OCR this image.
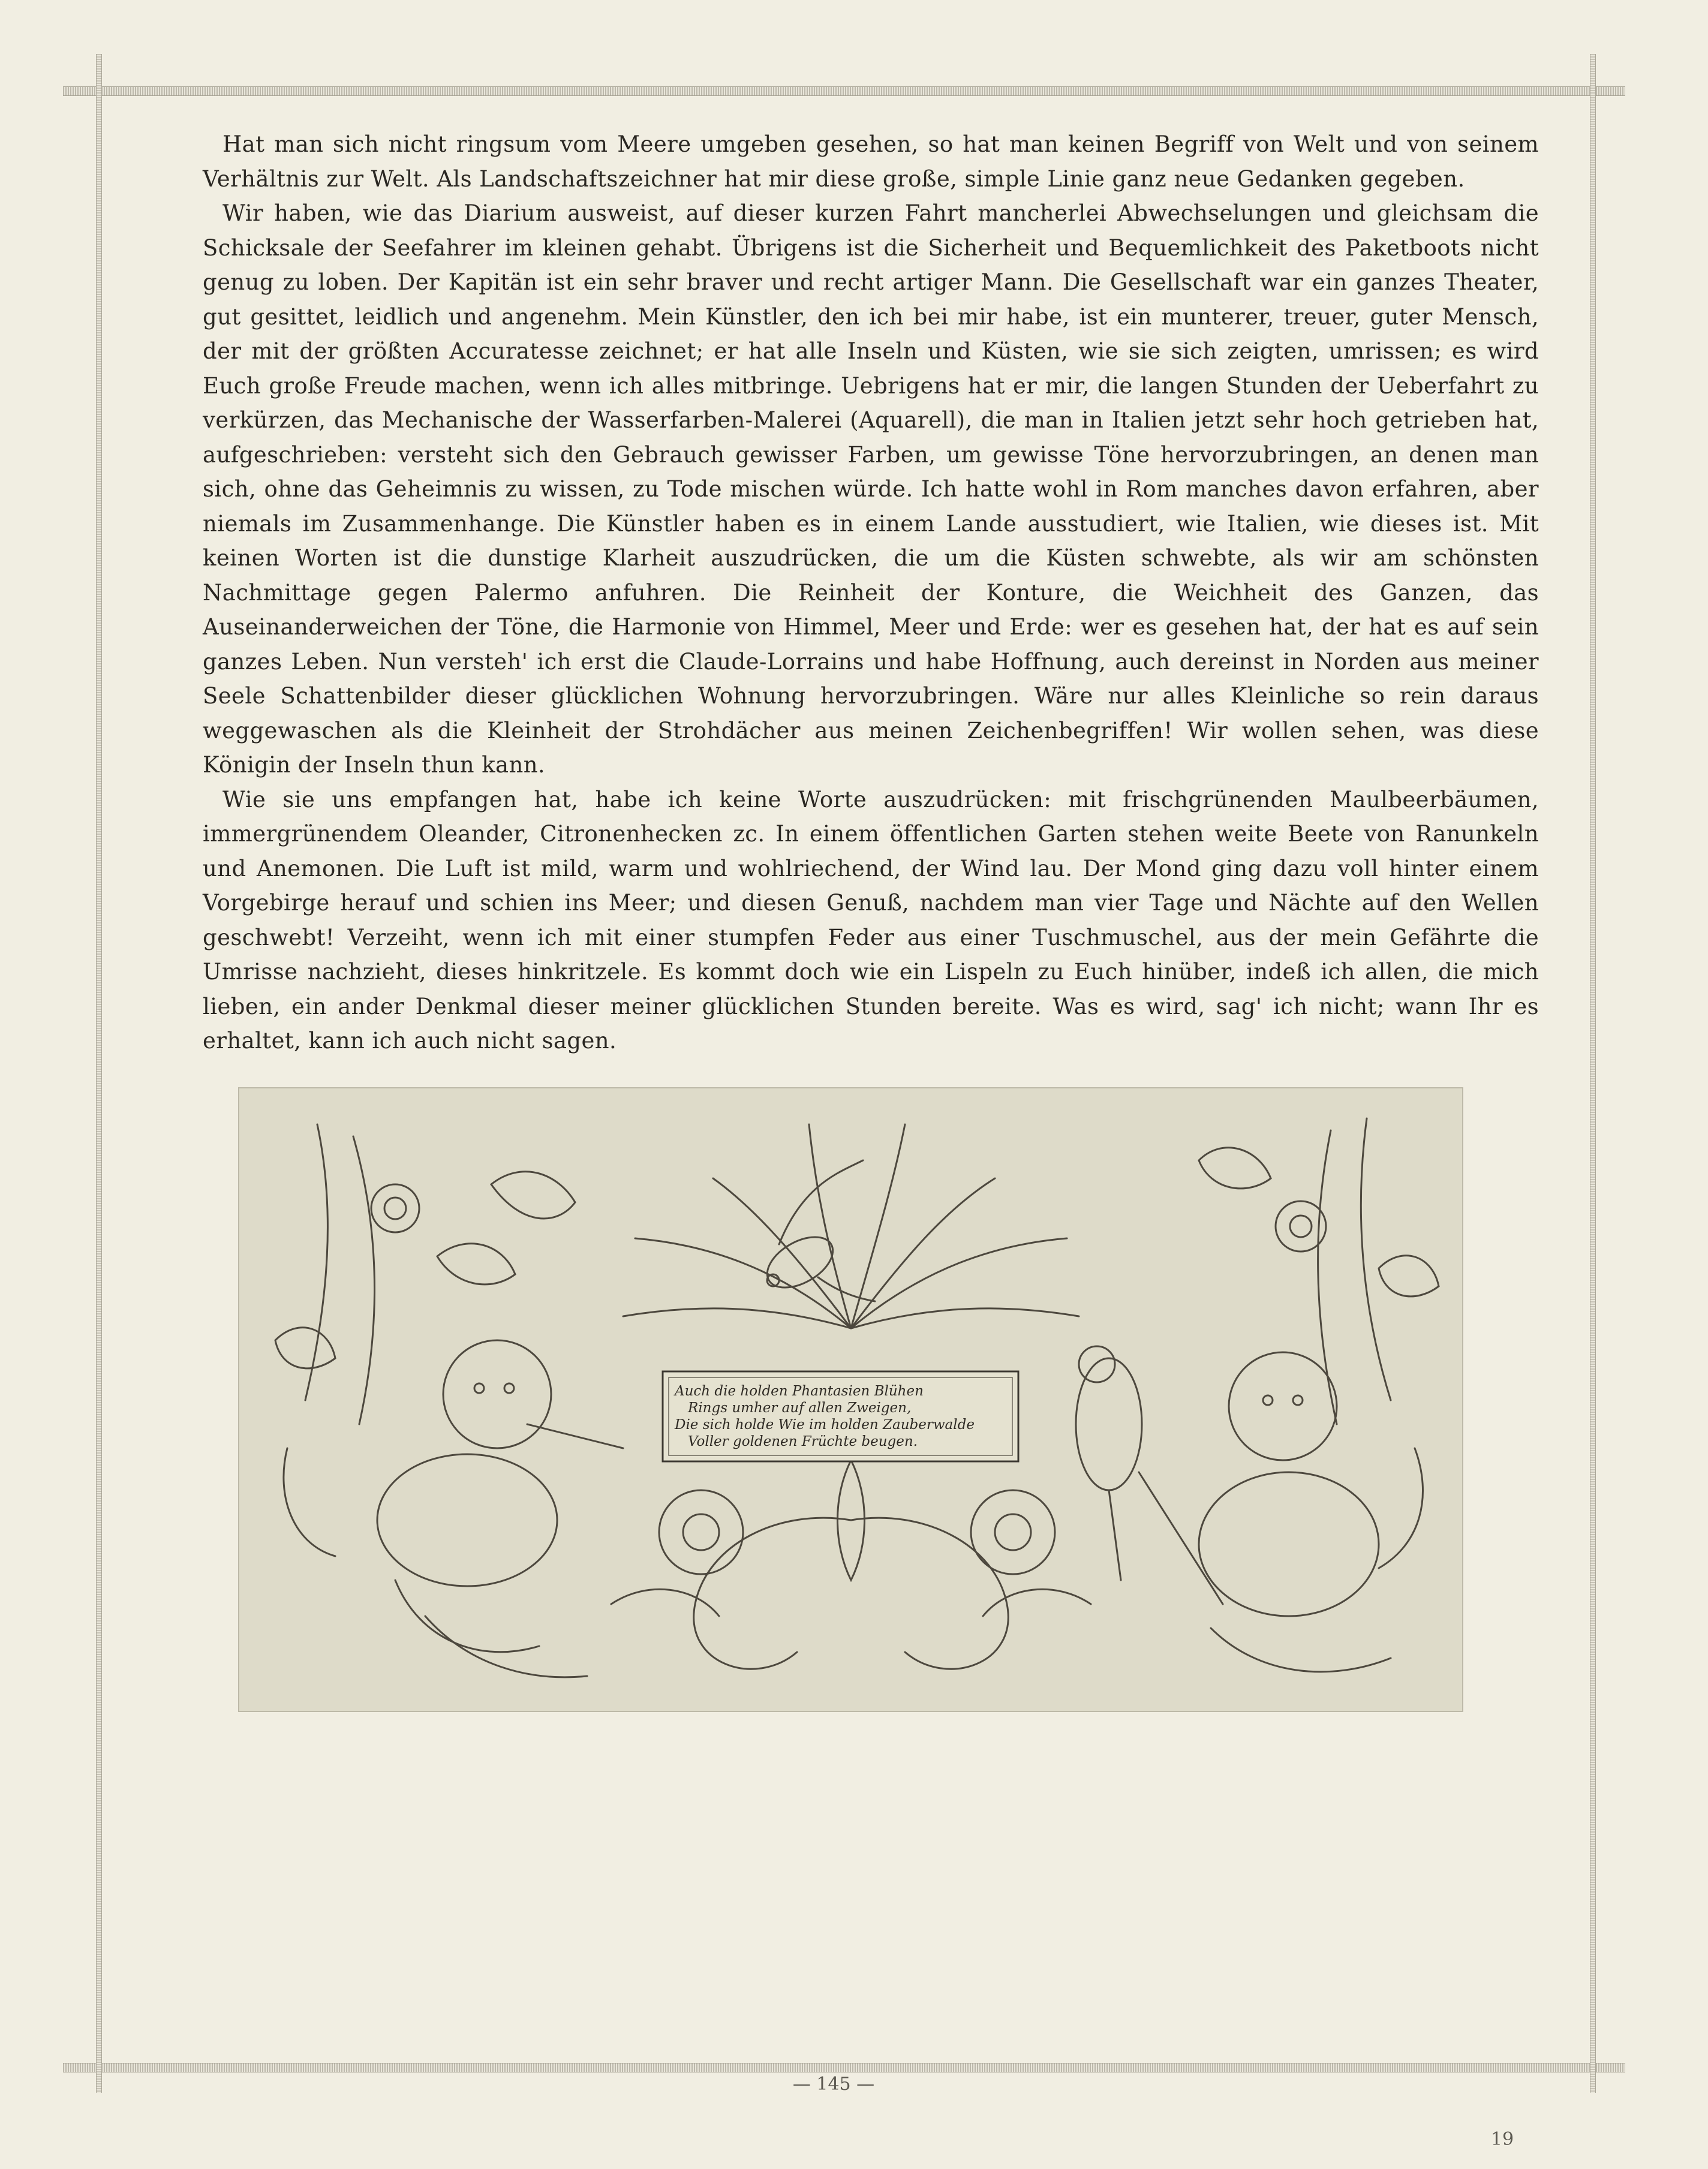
Hat man sich nicht ringsum vom Meere umgeben gesehen, so hat man keinen Begriff von Welt und von seinem Verhältnis zur Welt. Als Landschaftszeichner hat mir diese große, simple Linie ganz neue Gedanken gegeben.

Wir haben, wie das Diarium ausweist, auf dieser kurzen Fahrt mancherlei Abwechselungen und gleichsam die Schicksale der Seefahrer im kleinen gehabt. Übrigens ist die Sicherheit und Bequemlichkeit des Paketboots nicht genug zu loben. Der Kapitän ist ein sehr braver und recht artiger Mann. Die Gesellschaft war ein ganzes Theater, gut gesittet, leidlich und angenehm. Mein Künstler, den ich bei mir habe, ist ein munterer, treuer, guter Mensch, der mit der größten Accuratesse zeichnet; er hat alle Inseln und Küsten, wie sie sich zeigten, umrissen; es wird Euch große Freude machen, wenn ich alles mitbringe. Uebrigens hat er mir, die langen Stunden der Ueberfahrt zu verkürzen, das Mechanische der Wasserfarben-Malerei (Aquarell), die man in Italien jetzt sehr hoch getrieben hat, aufgeschrieben: versteht sich den Gebrauch gewisser Farben, um gewisse Töne hervorzubringen, an denen man sich, ohne das Geheimnis zu wissen, zu Tode mischen würde. Ich hatte wohl in Rom manches davon erfahren, aber niemals im Zusammenhange. Die Künstler haben es in einem Lande ausstudiert, wie Italien, wie dieses ist. Mit keinen Worten ist die dunstige Klarheit auszudrücken, die um die Küsten schwebte, als wir am schönsten Nachmittage gegen Palermo anfuhren. Die Reinheit der Konture, die Weichheit des Ganzen, das Auseinanderweichen der Töne, die Harmonie von Himmel, Meer und Erde: wer es gesehen hat, der hat es auf sein ganzes Leben. Nun versteh' ich erst die Claude-Lorrains und habe Hoffnung, auch dereinst in Norden aus meiner Seele Schattenbilder dieser glücklichen Wohnung hervorzubringen. Wäre nur alles Kleinliche so rein daraus weggewaschen als die Kleinheit der Strohdächer aus meinen Zeichenbegriffen! Wir wollen sehen, was diese Königin der Inseln thun kann.

Wie sie uns empfangen hat, habe ich keine Worte auszudrücken: mit frischgrünenden Maulbeerbäumen, immergrünendem Oleander, Citronenhecken zc. In einem öffentlichen Garten stehen weite Beete von Ranunkeln und Anemonen. Die Luft ist mild, warm und wohlriechend, der Wind lau. Der Mond ging dazu voll hinter einem Vorgebirge herauf und schien ins Meer; und diesen Genuß, nachdem man vier Tage und Nächte auf den Wellen geschwebt! Verzeiht, wenn ich mit einer stumpfen Feder aus einer Tuschmuschel, aus der mein Gefährte die Umrisse nachzieht, dieses hinkritzele. Es kommt doch wie ein Lispeln zu Euch hinüber, indeß ich allen, die mich lieben, ein ander Denkmal dieser meiner glücklichen Stunden bereite. Was es wird, sag' ich nicht; wann Ihr es erhaltet, kann ich auch nicht sagen.

Auch die holden Phantasien Blühen
Rings umher auf allen Zweigen,
Die sich holde Wie im holden Zauberwalde
Voller goldenen Früchte beugen.
— 145 —
19
